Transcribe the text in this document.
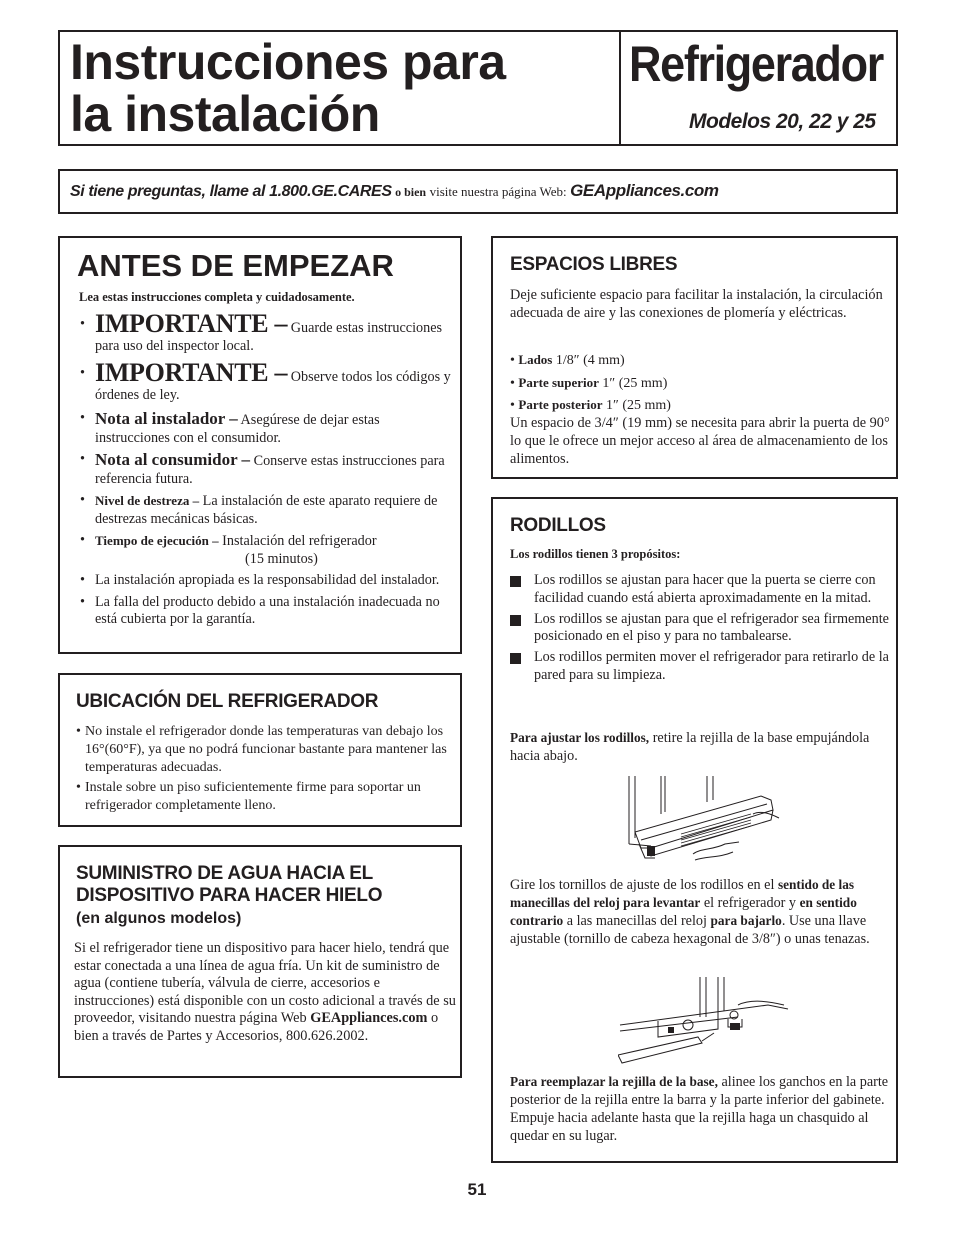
Instrucciones para
la instalación
Refrigerador
Modelos 20, 22 y 25
Si tiene preguntas, llame al 1.800.GE.CARES o bien visite nuestra página Web: GEAppliances.com
ANTES DE EMPEZAR
Lea estas instrucciones completa y cuidadosamente.
• IMPORTANTE – Guarde estas instrucciones para uso del inspector local.
• IMPORTANTE – Observe todos los códigos y órdenes de ley.
• Nota al instalador – Asegúrese de dejar estas instrucciones con el consumidor.
• Nota al consumidor – Conserve estas instrucciones para referencia futura.
• Nivel de destreza – La instalación de este aparato requiere de destrezas mecánicas básicas.
• Tiempo de ejecución – Instalación del refrigerador
(15 minutos)
• La instalación apropiada es la responsabilidad del instalador.
• La falla del producto debido a una instalación inadecuada no está cubierta por la garantía.
UBICACIÓN DEL REFRIGERADOR
• No instale el refrigerador donde las temperaturas van debajo los 16°(60°F), ya que no podrá funcionar bastante para mantener las temperaturas adecuadas.
• Instale sobre un piso suficientemente firme para soportar un refrigerador completamente lleno.
SUMINISTRO DE AGUA HACIA EL DISPOSITIVO PARA HACER HIELO
(en algunos modelos)
Si el refrigerador tiene un dispositivo para hacer hielo, tendrá que estar conectada a una línea de agua fría. Un kit de suministro de agua (contiene tubería, válvula de cierre, accesorios e instrucciones) está disponible con un costo adicional a través de su proveedor, visitando nuestra página Web GEAppliances.com o bien a través de Partes y Accesorios, 800.626.2002.
ESPACIOS LIBRES
Deje suficiente espacio para facilitar la instalación, la circulación adecuada de aire y las conexiones de plomería y eléctricas.
• Lados 1/8″ (4 mm)
• Parte superior 1″ (25 mm)
• Parte posterior 1″ (25 mm)
Un espacio de 3/4″ (19 mm) se necesita para abrir la puerta de 90° lo que le ofrece un mejor acceso al área de almacenamiento de los alimentos.
RODILLOS
Los rodillos tienen 3 propósitos:
Los rodillos se ajustan para hacer que la puerta se cierre con facilidad cuando está abierta aproximadamente en la mitad.
Los rodillos se ajustan para que el refrigerador sea firmemente posicionado en el piso y para no tambalearse.
Los rodillos permiten mover el refrigerador para retirarlo de la pared para su limpieza.
Para ajustar los rodillos, retire la rejilla de la base empujándola hacia abajo.
Gire los tornillos de ajuste de los rodillos en el sentido de las manecillas del reloj para levantar el refrigerador y en sentido contrario a las manecillas del reloj para bajarlo. Use una llave ajustable (tornillo de cabeza hexagonal de 3/8″) o unas tenazas.
Para reemplazar la rejilla de la base, alinee los ganchos en la parte posterior de la rejilla entre la barra y la parte inferior del gabinete. Empuje hacia adelante hasta que la rejilla haga un chasquido al quedar en su lugar.
51
